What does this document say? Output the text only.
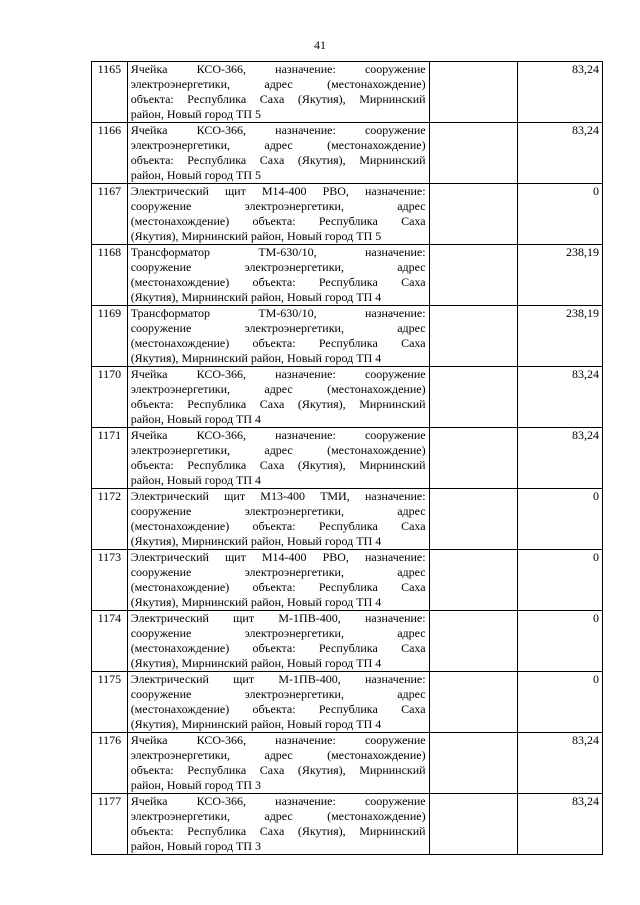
41
1165	Ячейка КСО-366, назначение: сооружение
электроэнергетики, адрес (местонахождение)
объекта: Республика Саха (Якутия), Мирнинский
район, Новый город ТП 5		83,24
1166	Ячейка КСО-366, назначение: сооружение
электроэнергетики, адрес (местонахождение)
объекта: Республика Саха (Якутия), Мирнинский
район, Новый город ТП 5		83,24
1167	Электрический щит М14-400 РВО, назначение:
сооружение электроэнергетики, адрес
(местонахождение) объекта: Республика Саха
(Якутия), Мирнинский район, Новый город ТП 5		0
1168	Трансформатор ТМ-630/10, назначение:
сооружение электроэнергетики, адрес
(местонахождение) объекта: Республика Саха
(Якутия), Мирнинский район, Новый город ТП 4		238,19
1169	Трансформатор ТМ-630/10, назначение:
сооружение электроэнергетики, адрес
(местонахождение) объекта: Республика Саха
(Якутия), Мирнинский район, Новый город ТП 4		238,19
1170	Ячейка КСО-366, назначение: сооружение
электроэнергетики, адрес (местонахождение)
объекта: Республика Саха (Якутия), Мирнинский
район, Новый город ТП 4		83,24
1171	Ячейка КСО-366, назначение: сооружение
электроэнергетики, адрес (местонахождение)
объекта: Республика Саха (Якутия), Мирнинский
район, Новый город ТП 4		83,24
1172	Электрический щит М13-400 ТМИ, назначение:
сооружение электроэнергетики, адрес
(местонахождение) объекта: Республика Саха
(Якутия), Мирнинский район, Новый город ТП 4		0
1173	Электрический щит М14-400 РВО, назначение:
сооружение электроэнергетики, адрес
(местонахождение) объекта: Республика Саха
(Якутия), Мирнинский район, Новый город ТП 4		0
1174	Электрический щит М-1ПВ-400, назначение:
сооружение электроэнергетики, адрес
(местонахождение) объекта: Республика Саха
(Якутия), Мирнинский район, Новый город ТП 4		0
1175	Электрический щит М-1ПВ-400, назначение:
сооружение электроэнергетики, адрес
(местонахождение) объекта: Республика Саха
(Якутия), Мирнинский район, Новый город ТП 4		0
1176	Ячейка КСО-366, назначение: сооружение
электроэнергетики, адрес (местонахождение)
объекта: Республика Саха (Якутия), Мирнинский
район, Новый город ТП 3		83,24
1177	Ячейка КСО-366, назначение: сооружение
электроэнергетики, адрес (местонахождение)
объекта: Республика Саха (Якутия), Мирнинский
район, Новый город ТП 3		83,24
